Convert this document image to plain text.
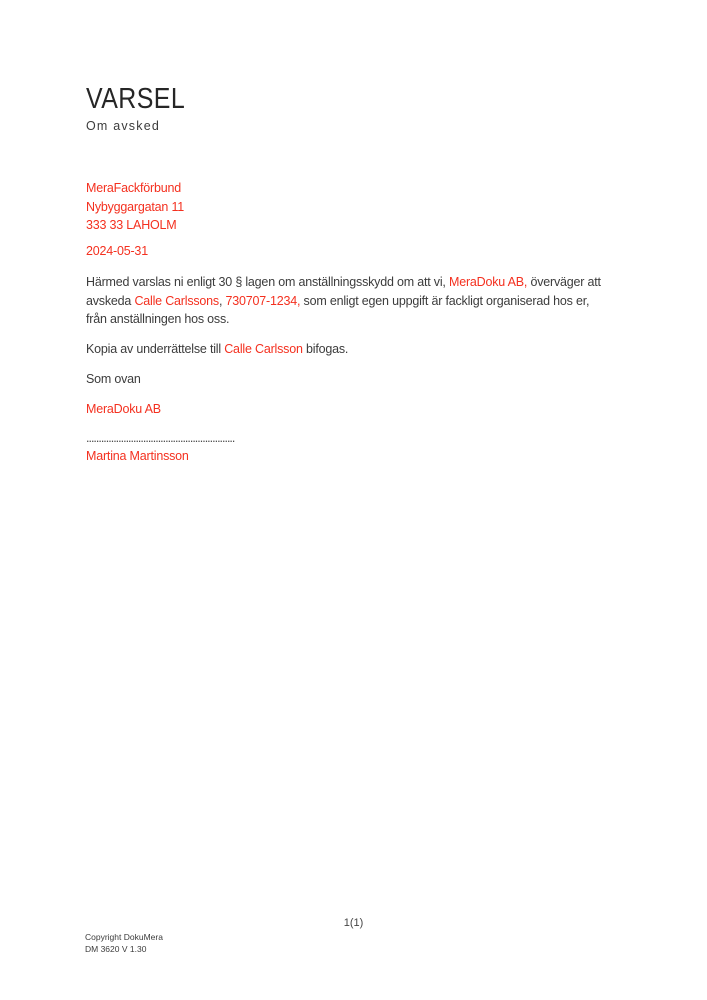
VARSEL
Om avsked
MeraFackförbund
Nybyggargatan 11
333 33 LAHOLM
2024-05-31
Härmed varslas ni enligt 30 § lagen om anställningsskydd om att vi, MeraDoku AB, överväger att
avskeda Calle Carlssons, 730707-1234, som enligt egen uppgift är fackligt organiserad hos er,
från anställningen hos oss.
Kopia av underrättelse till Calle Carlsson bifogas.
Som ovan
MeraDoku AB
............................................................
Martina Martinsson
1(1)
Copyright DokuMera
DM 3620 V 1.30
